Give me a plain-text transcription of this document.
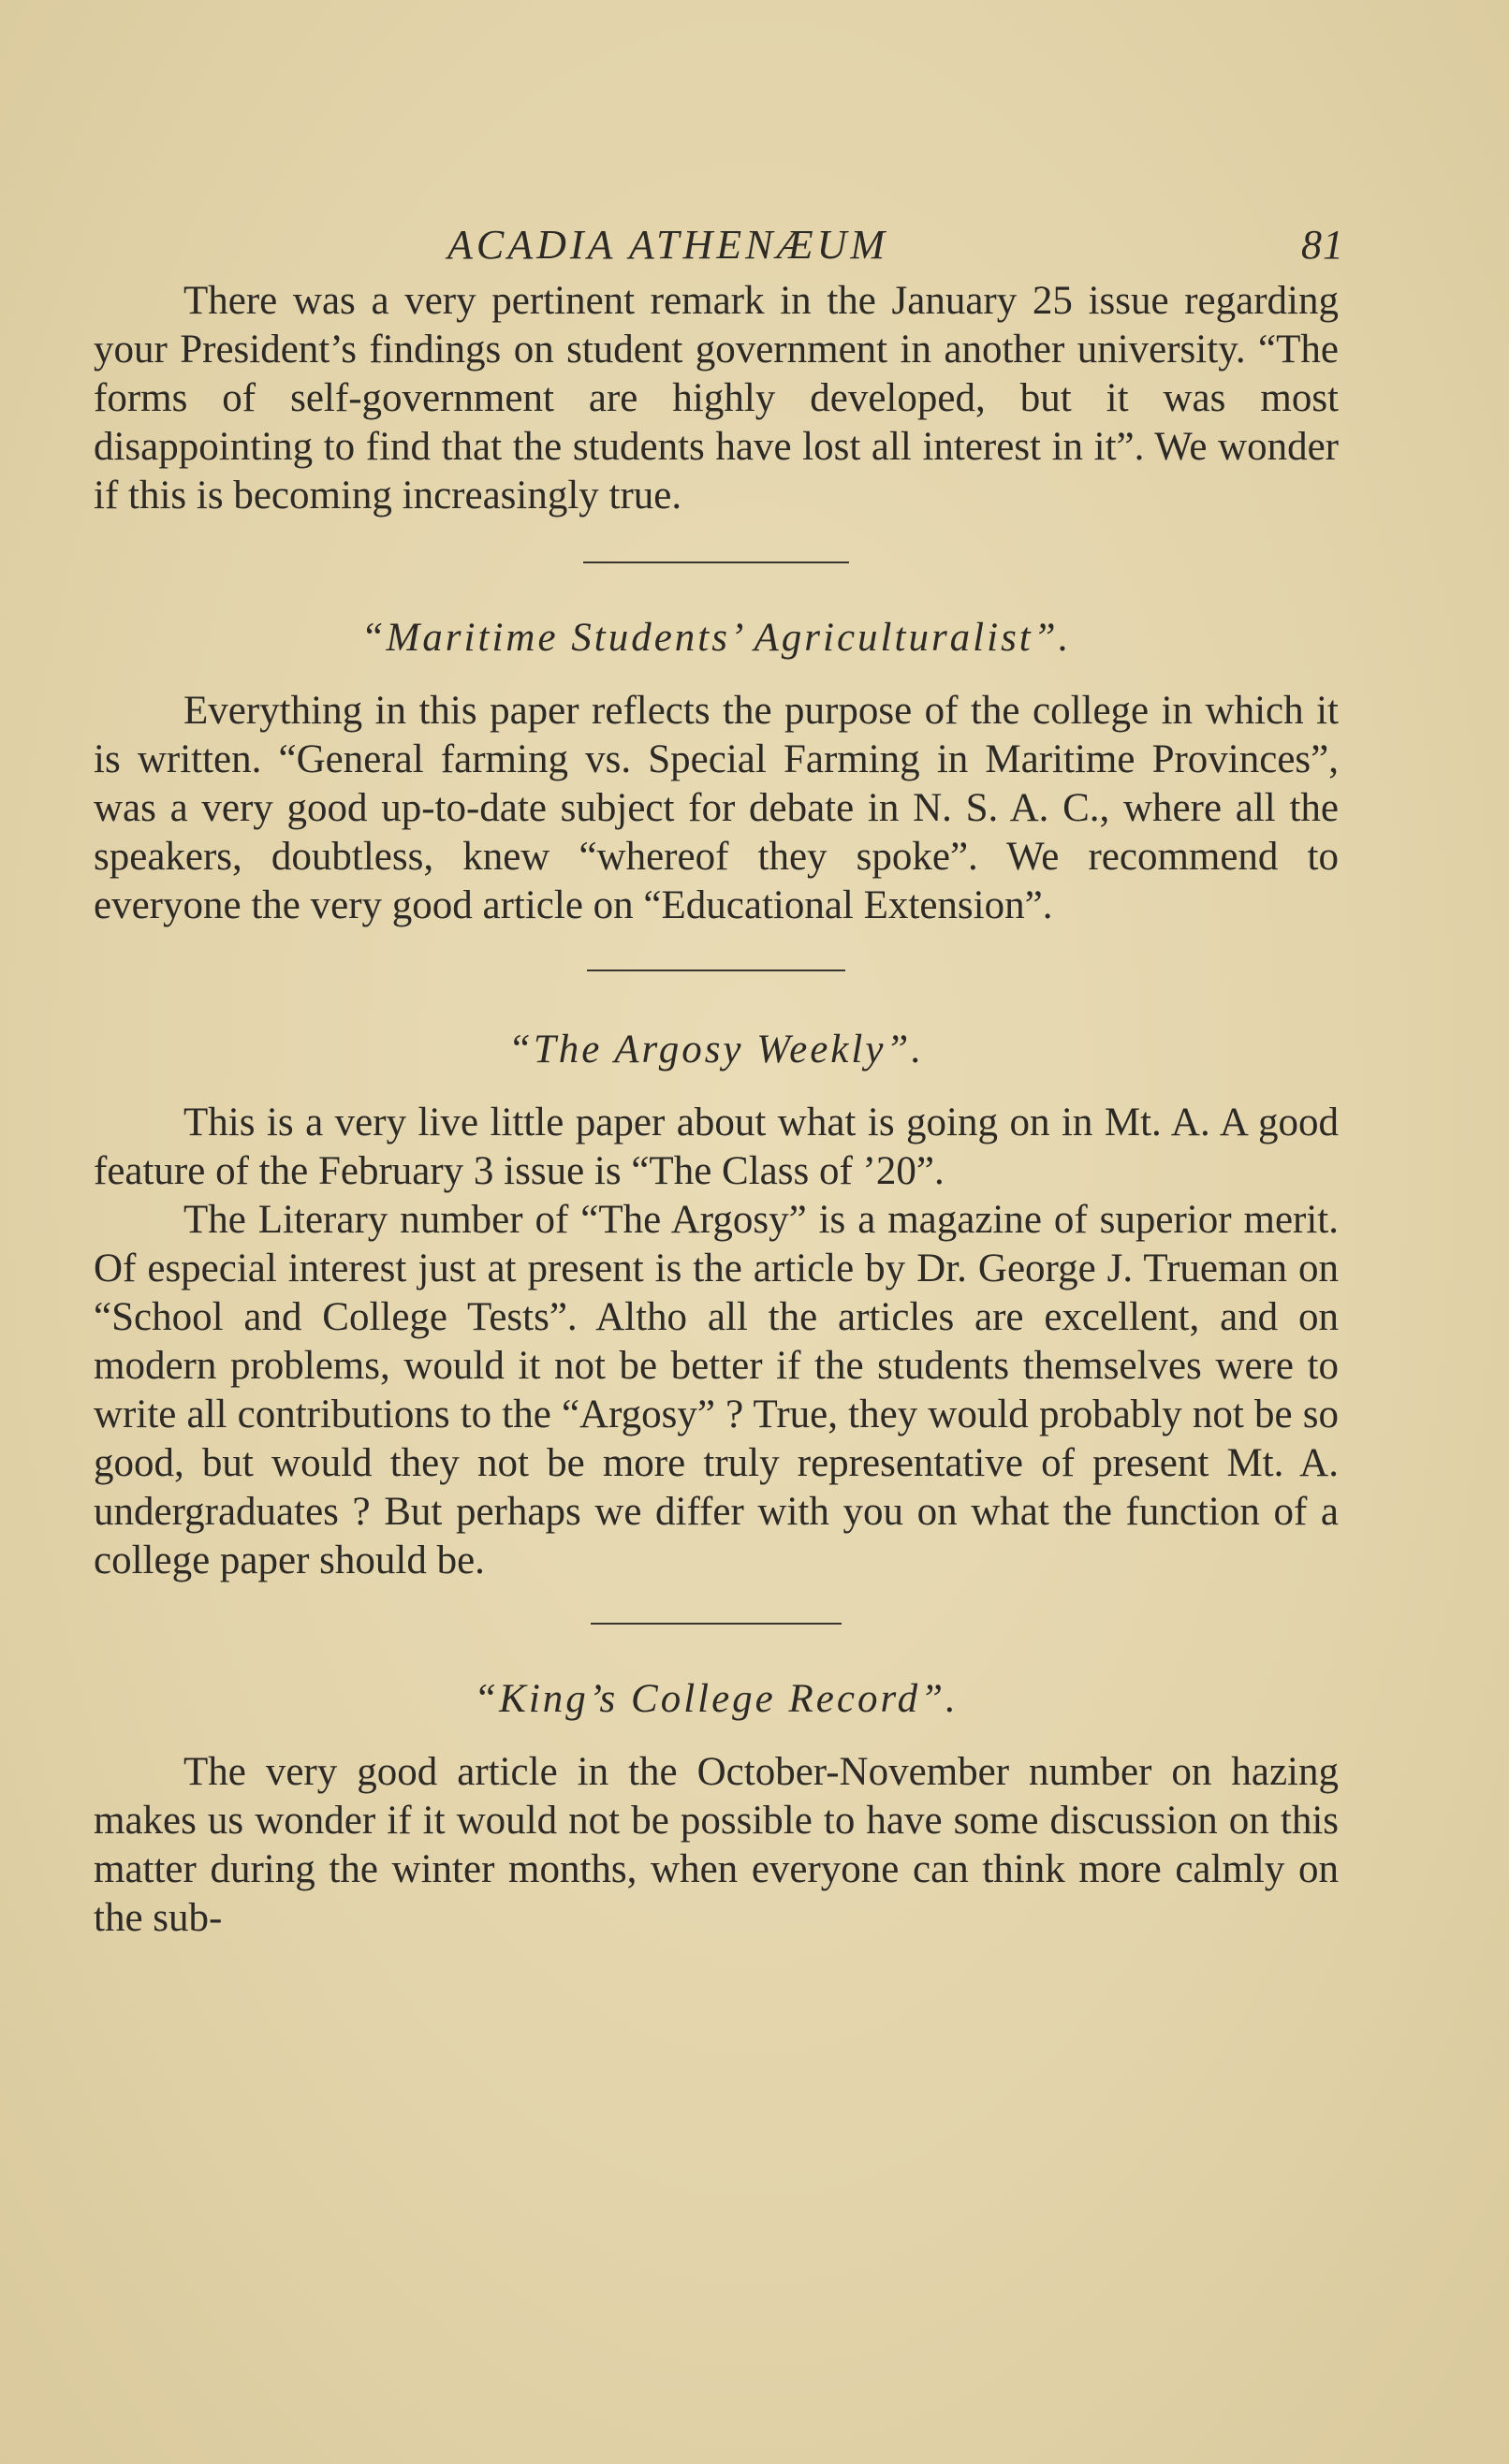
ACADIA ATHENÆUM	81

There was a very pertinent remark in the January 25 issue regarding your President’s findings on student government in another university. “The forms of self-government are highly developed, but it was most disappointing to find that the students have lost all interest in it”. We wonder if this is becoming increasingly true.

“Maritime Students’ Agriculturalist”.

Everything in this paper reflects the purpose of the college in which it is written. “General farming vs. Special Farming in Maritime Provinces”, was a very good up-to-date subject for debate in N. S. A. C., where all the speakers, doubtless, knew “whereof they spoke”. We recommend to everyone the very good article on “Educational Extension”.

“The Argosy Weekly”.

This is a very live little paper about what is going on in Mt. A. A good feature of the February 3 issue is “The Class of ’20”.

The Literary number of “The Argosy” is a magazine of superior merit. Of especial interest just at present is the article by Dr. George J. Trueman on “School and College Tests”. Altho all the articles are excellent, and on modern problems, would it not be better if the students themselves were to write all contributions to the “Argosy” ? True, they would probably not be so good, but would they not be more truly representative of present Mt. A. undergraduates ? But perhaps we differ with you on what the function of a college paper should be.

“King’s College Record”.

The very good article in the October-November number on hazing makes us wonder if it would not be possible to have some discussion on this matter during the winter months, when everyone can think more calmly on the sub-
